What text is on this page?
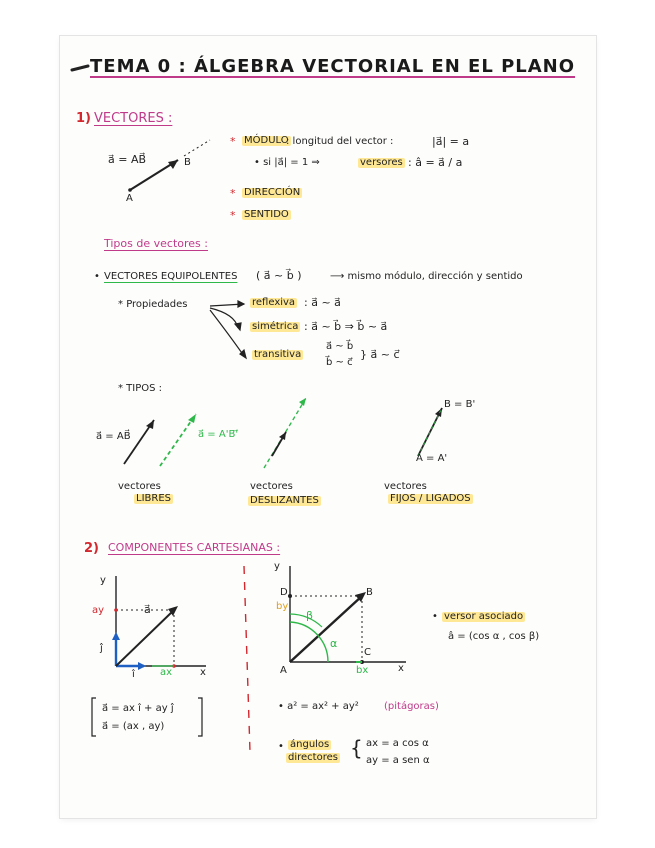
TEMA 0 : ÁLGEBRA VECTORIAL EN EL PLANO
1) VECTORES :
a⃗ = AB⃗
A
B
* MÓDULO
: longitud del vector :	|a⃗| = a
• si |a⃗| = 1 ⇒	versores : â = a⃗ / a
* DIRECCIÓN
* SENTIDO
Tipos de vectores :
• VECTORES EQUIPOLENTES ( a⃗ ~ b⃗ )	⟶ mismo módulo, dirección y sentido
* Propiedades	reflexiva : a⃗ ~ a⃗
simétrica : a⃗ ~ b⃗ ⇒ b⃗ ~ a⃗
transitiva
a⃗ ~ b⃗
b⃗ ~ c⃗
} a⃗ ~ c⃗
* TIPOS :
a⃗ = AB⃗	a⃗ = A'B'⃗
vectores
LIBRES
vectores
DESLIZANTES
vectores
FIJOS / LIGADOS
B = B'
A = A'
2) COMPONENTES CARTESIANAS :
y
x
ay
ax
ĵ
î
a⃗
y
x
D
by
B
C
bx
A
β
α
• versor asociado
â = (cos α , cos β)
a⃗ = ax î + ay ĵ
a⃗ = (ax , ay)
• a² = ax² + ay²	(pitágoras)
• ángulos
directores { ax = a cos α
ay = a sen α
